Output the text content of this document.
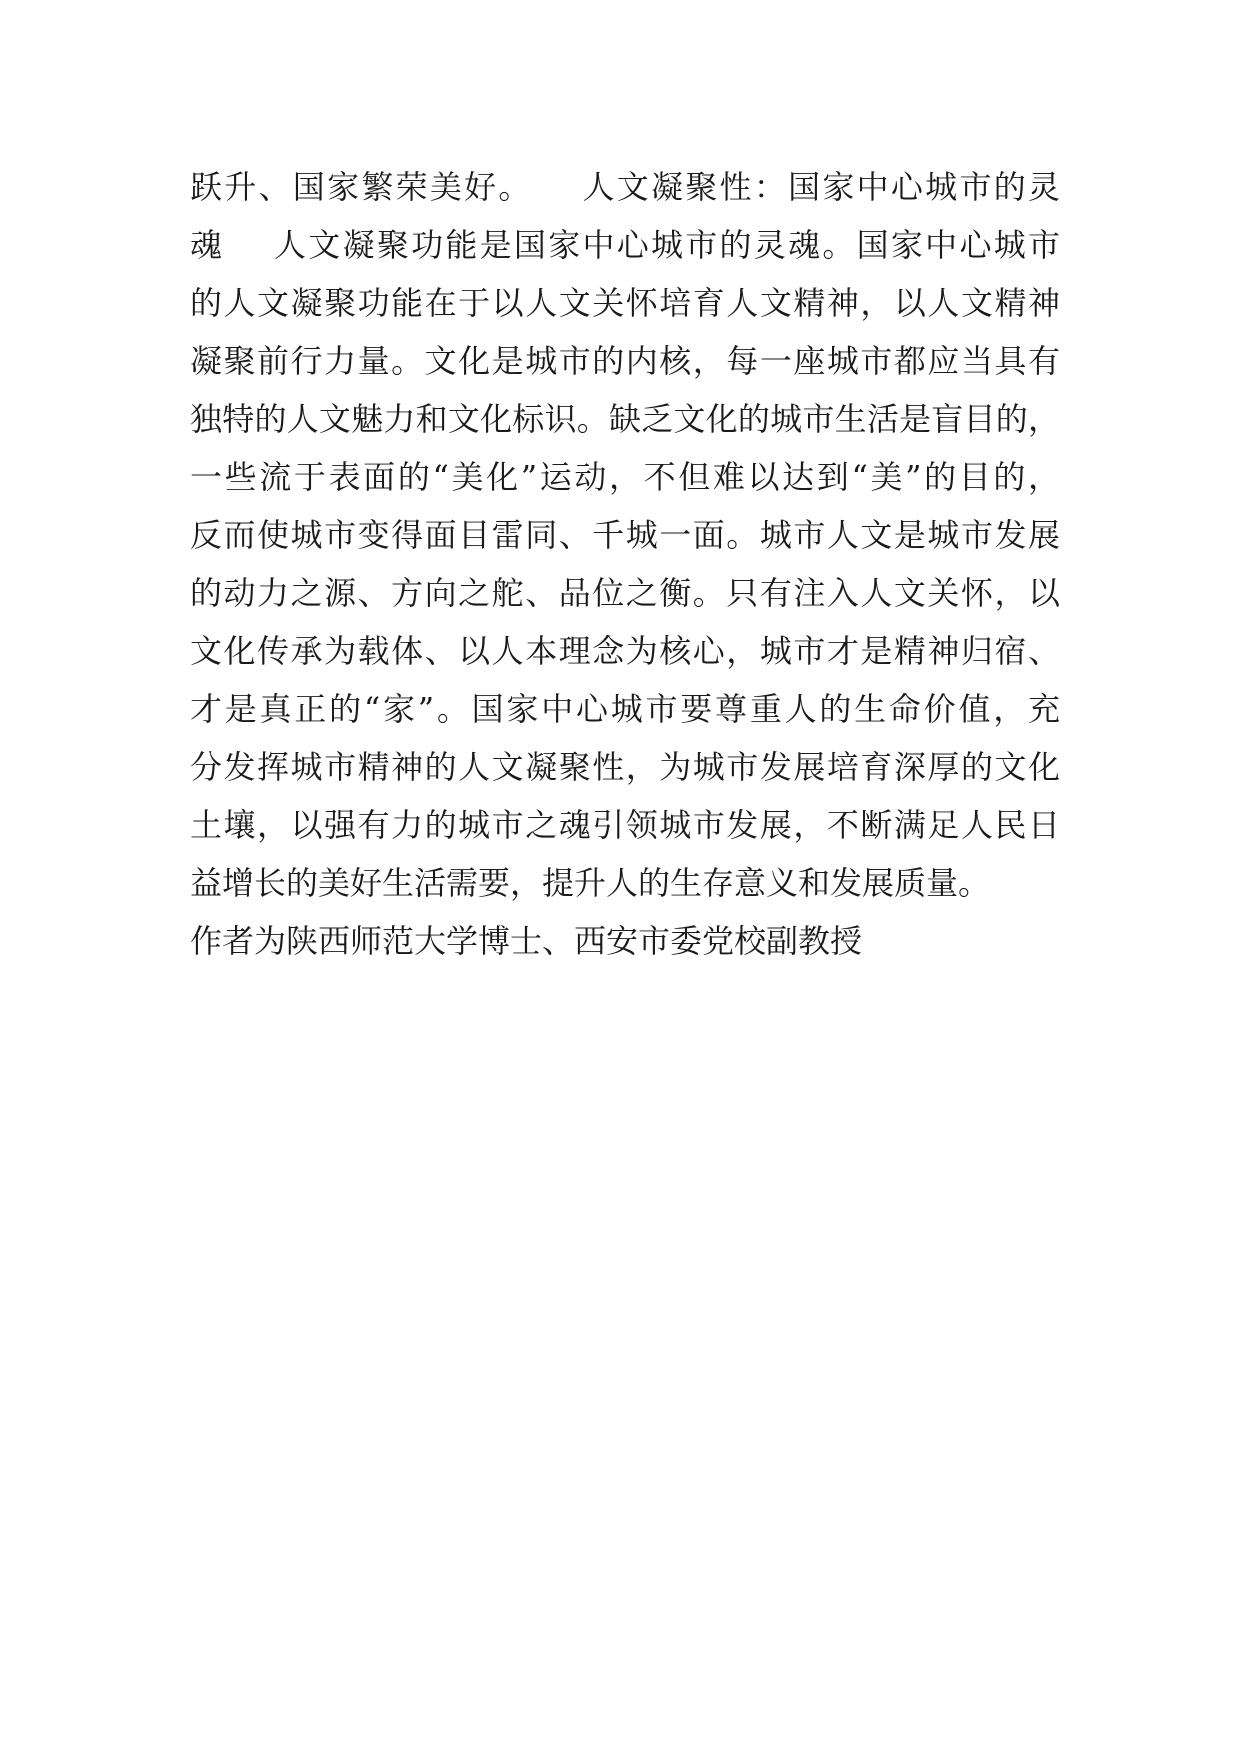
跃升、国家繁荣美好。    人文凝聚性：国家中心城市的灵
魂    人文凝聚功能是国家中心城市的灵魂。国家中心城市
的人文凝聚功能在于以人文关怀培育人文精神，以人文精神
凝聚前行力量。文化是城市的内核，每一座城市都应当具有
独特的人文魅力和文化标识。缺乏文化的城市生活是盲目的，
一些流于表面的“美化”运动，不但难以达到“美”的目的，
反而使城市变得面目雷同、千城一面。城市人文是城市发展
的动力之源、方向之舵、品位之衡。只有注入人文关怀，以
文化传承为载体、以人本理念为核心，城市才是精神归宿、
才是真正的“家”。国家中心城市要尊重人的生命价值，充
分发挥城市精神的人文凝聚性，为城市发展培育深厚的文化
土壤，以强有力的城市之魂引领城市发展，不断满足人民日
益增长的美好生活需要，提升人的生存意义和发展质量。
作者为陕西师范大学博士、西安市委党校副教授
